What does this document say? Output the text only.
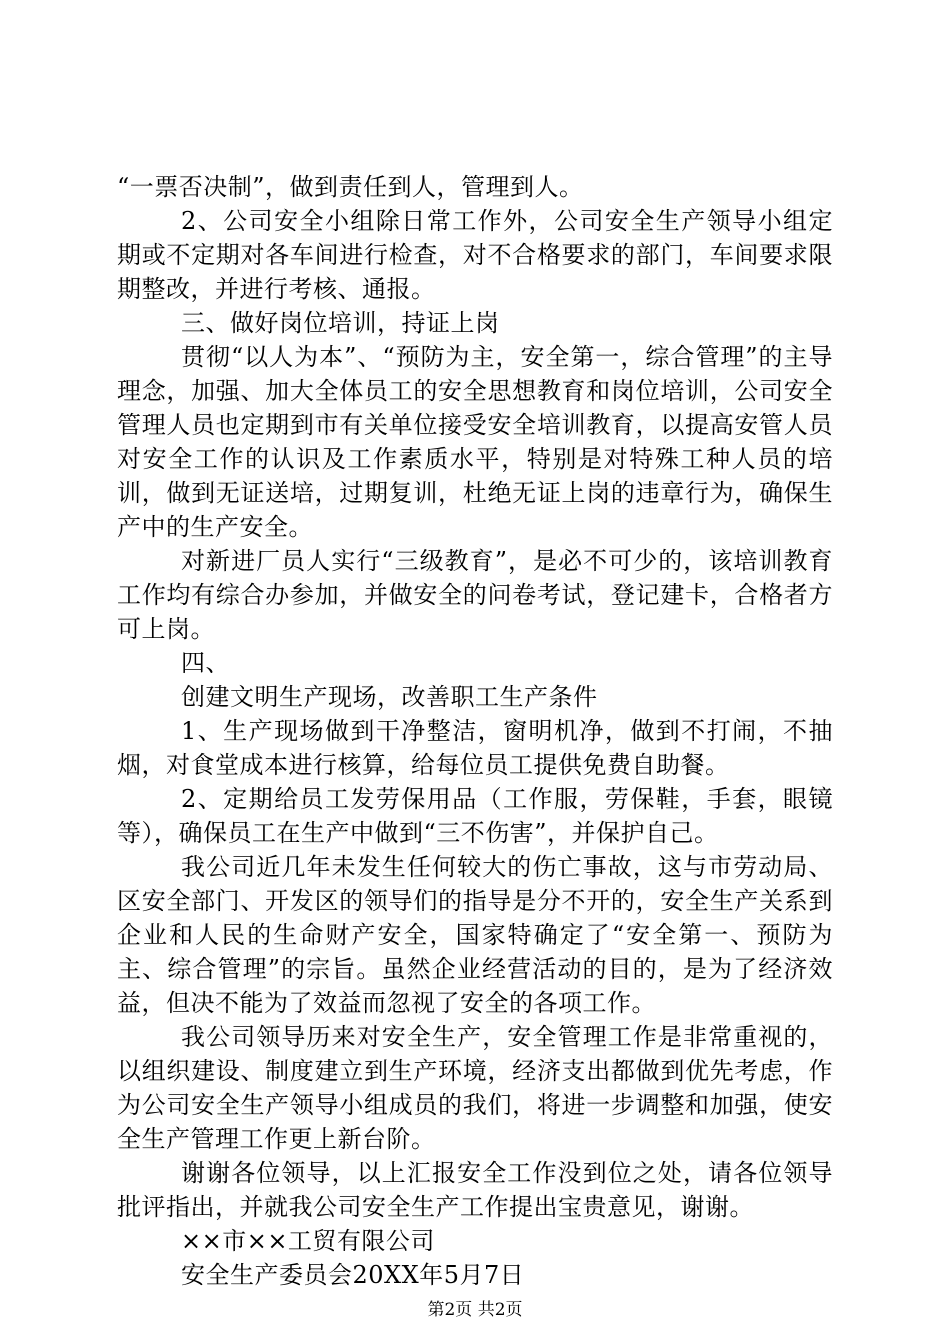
“一票否决制”，做到责任到人，管理到人。

2、公司安全小组除日常工作外，公司安全生产领导小组定期或不定期对各车间进行检查，对不合格要求的部门，车间要求限期整改，并进行考核、通报。

三、做好岗位培训，持证上岗

贯彻“以人为本”、“预防为主，安全第一，综合管理”的主导理念，加强、加大全体员工的安全思想教育和岗位培训，公司安全管理人员也定期到市有关单位接受安全培训教育，以提高安管人员对安全工作的认识及工作素质水平，特别是对特殊工种人员的培训，做到无证送培，过期复训，杜绝无证上岗的违章行为，确保生产中的生产安全。

对新进厂员人实行“三级教育”，是必不可少的，该培训教育工作均有综合办参加，并做安全的问卷考试，登记建卡，合格者方可上岗。

四、

创建文明生产现场，改善职工生产条件

1、生产现场做到干净整洁，窗明机净，做到不打闹，不抽烟，对食堂成本进行核算，给每位员工提供免费自助餐。

2、定期给员工发劳保用品（工作服，劳保鞋，手套，眼镜等），确保员工在生产中做到“三不伤害”，并保护自己。

我公司近几年未发生任何较大的伤亡事故，这与市劳动局、区安全部门、开发区的领导们的指导是分不开的，安全生产关系到企业和人民的生命财产安全，国家特确定了“安全第一、预防为主、综合管理”的宗旨。虽然企业经营活动的目的，是为了经济效益，但决不能为了效益而忽视了安全的各项工作。

我公司领导历来对安全生产，安全管理工作是非常重视的，以组织建设、制度建立到生产环境，经济支出都做到优先考虑，作为公司安全生产领导小组成员的我们，将进一步调整和加强，使安全生产管理工作更上新台阶。

谢谢各位领导，以上汇报安全工作没到位之处，请各位领导批评指出，并就我公司安全生产工作提出宝贵意见，谢谢。

××市××工贸有限公司

安全生产委员会20XX年5月7日

第2页 共2页
